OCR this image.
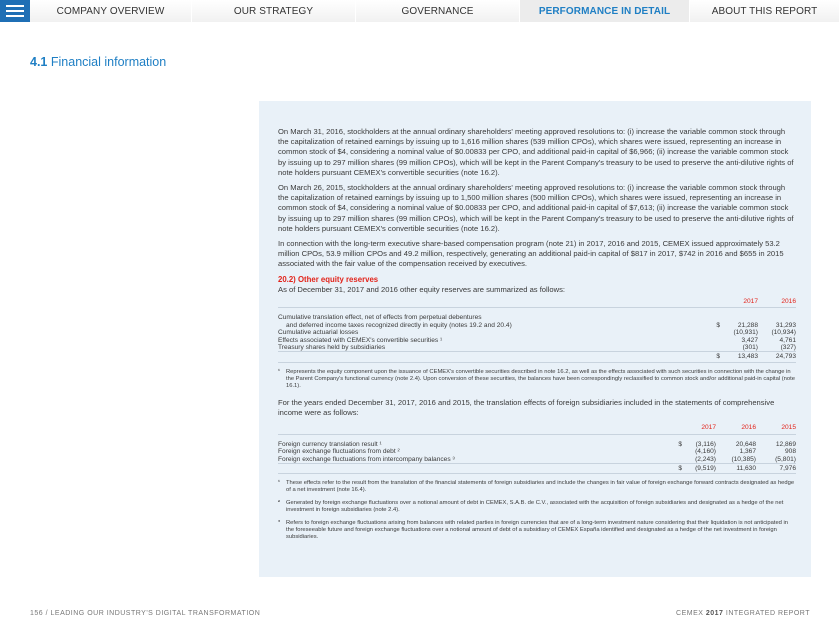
COMPANY OVERVIEW	OUR STRATEGY	GOVERNANCE	PERFORMANCE IN DETAIL	ABOUT THIS REPORT
4.1 Financial information

On March 31, 2016, stockholders at the annual ordinary shareholders' meeting approved resolutions to: (i) increase the variable common stock through the capitalization of retained earnings by issuing up to 1,616 million shares (539 million CPOs), which shares were issued, representing an increase in common stock of $4, considering a nominal value of $0.00833 per CPO, and additional paid-in capital of $6,966; (ii) increase the variable common stock by issuing up to 297 million shares (99 million CPOs), which will be kept in the Parent Company's treasury to be used to preserve the anti-dilutive rights of note holders pursuant CEMEX's convertible securities (note 16.2).

On March 26, 2015, stockholders at the annual ordinary shareholders' meeting approved resolutions to: (i) increase the variable common stock through the capitalization of retained earnings by issuing up to 1,500 million shares (500 million CPOs), which shares were issued, representing an increase in common stock of $4, considering a nominal value of $0.00833 per CPO, and additional paid-in capital of $7,613; (ii) increase the variable common stock by issuing up to 297 million shares (99 million CPOs), which will be kept in the Parent Company's treasury to be used to preserve the anti-dilutive rights of note holders pursuant CEMEX's convertible securities (note 16.2).

In connection with the long-term executive share-based compensation program (note 21) in 2017, 2016 and 2015, CEMEX issued approximately 53.2 million CPOs, 53.9 million CPOs and 49.2 million, respectively, generating an additional paid-in capital of $817 in 2017, $742 in 2016 and $655 in 2015 associated with the fair value of the compensation received by executives.

20.2) Other equity reserves
As of December 31, 2017 and 2016 other equity reserves are summarized as follows:
		2017	2016
Cumulative translation effect, net of effects from perpetual debentures			
and deferred income taxes recognized directly in equity (notes 19.2 and 20.4)	$	21,288	31,293
Cumulative actuarial losses		(10,931)	(10,934)
Effects associated with CEMEX's convertible securities ¹		3,427	4,761
Treasury shares held by subsidiaries		(301)	(327)
	$	13,483	24,793
¹	Represents the equity component upon the issuance of CEMEX's convertible securities described in note 16.2, as well as the effects associated with such securities in connection with the change in the Parent Company's functional currency (note 2.4). Upon conversion of these securities, the balances have been correspondingly reclassified to common stock and/or additional paid-in capital (note 16.1).

For the years ended December 31, 2017, 2016 and 2015, the translation effects of foreign subsidiaries included in the statements of comprehensive income were as follows:

		2017	2016	2015
Foreign currency translation result ¹	$	(3,116)	20,648	12,869
Foreign exchange fluctuations from debt ²		(4,160)	1,367	908
Foreign exchange fluctuations from intercompany balances ³		(2,243)	(10,385)	(5,801)
	$	(9,519)	11,630	7,976
¹	These effects refer to the result from the translation of the financial statements of foreign subsidiaries and include the changes in fair value of foreign exchange forward contracts designated as hedge of a net investment (note 16.4).
²	Generated by foreign exchange fluctuations over a notional amount of debt in CEMEX, S.A.B. de C.V., associated with the acquisition of foreign subsidiaries and designated as a hedge of the net investment in foreign subsidiaries (note 2.4).
³	Refers to foreign exchange fluctuations arising from balances with related parties in foreign currencies that are of a long-term investment nature considering that their liquidation is not anticipated in the foreseeable future and foreign exchange fluctuations over a notional amount of debt of a subsidiary of CEMEX España identified and designated as a hedge of the net investment in foreign subsidiaries.
156 / LEADING OUR INDUSTRY'S DIGITAL TRANSFORMATION	CEMEX 2017 INTEGRATED REPORT
